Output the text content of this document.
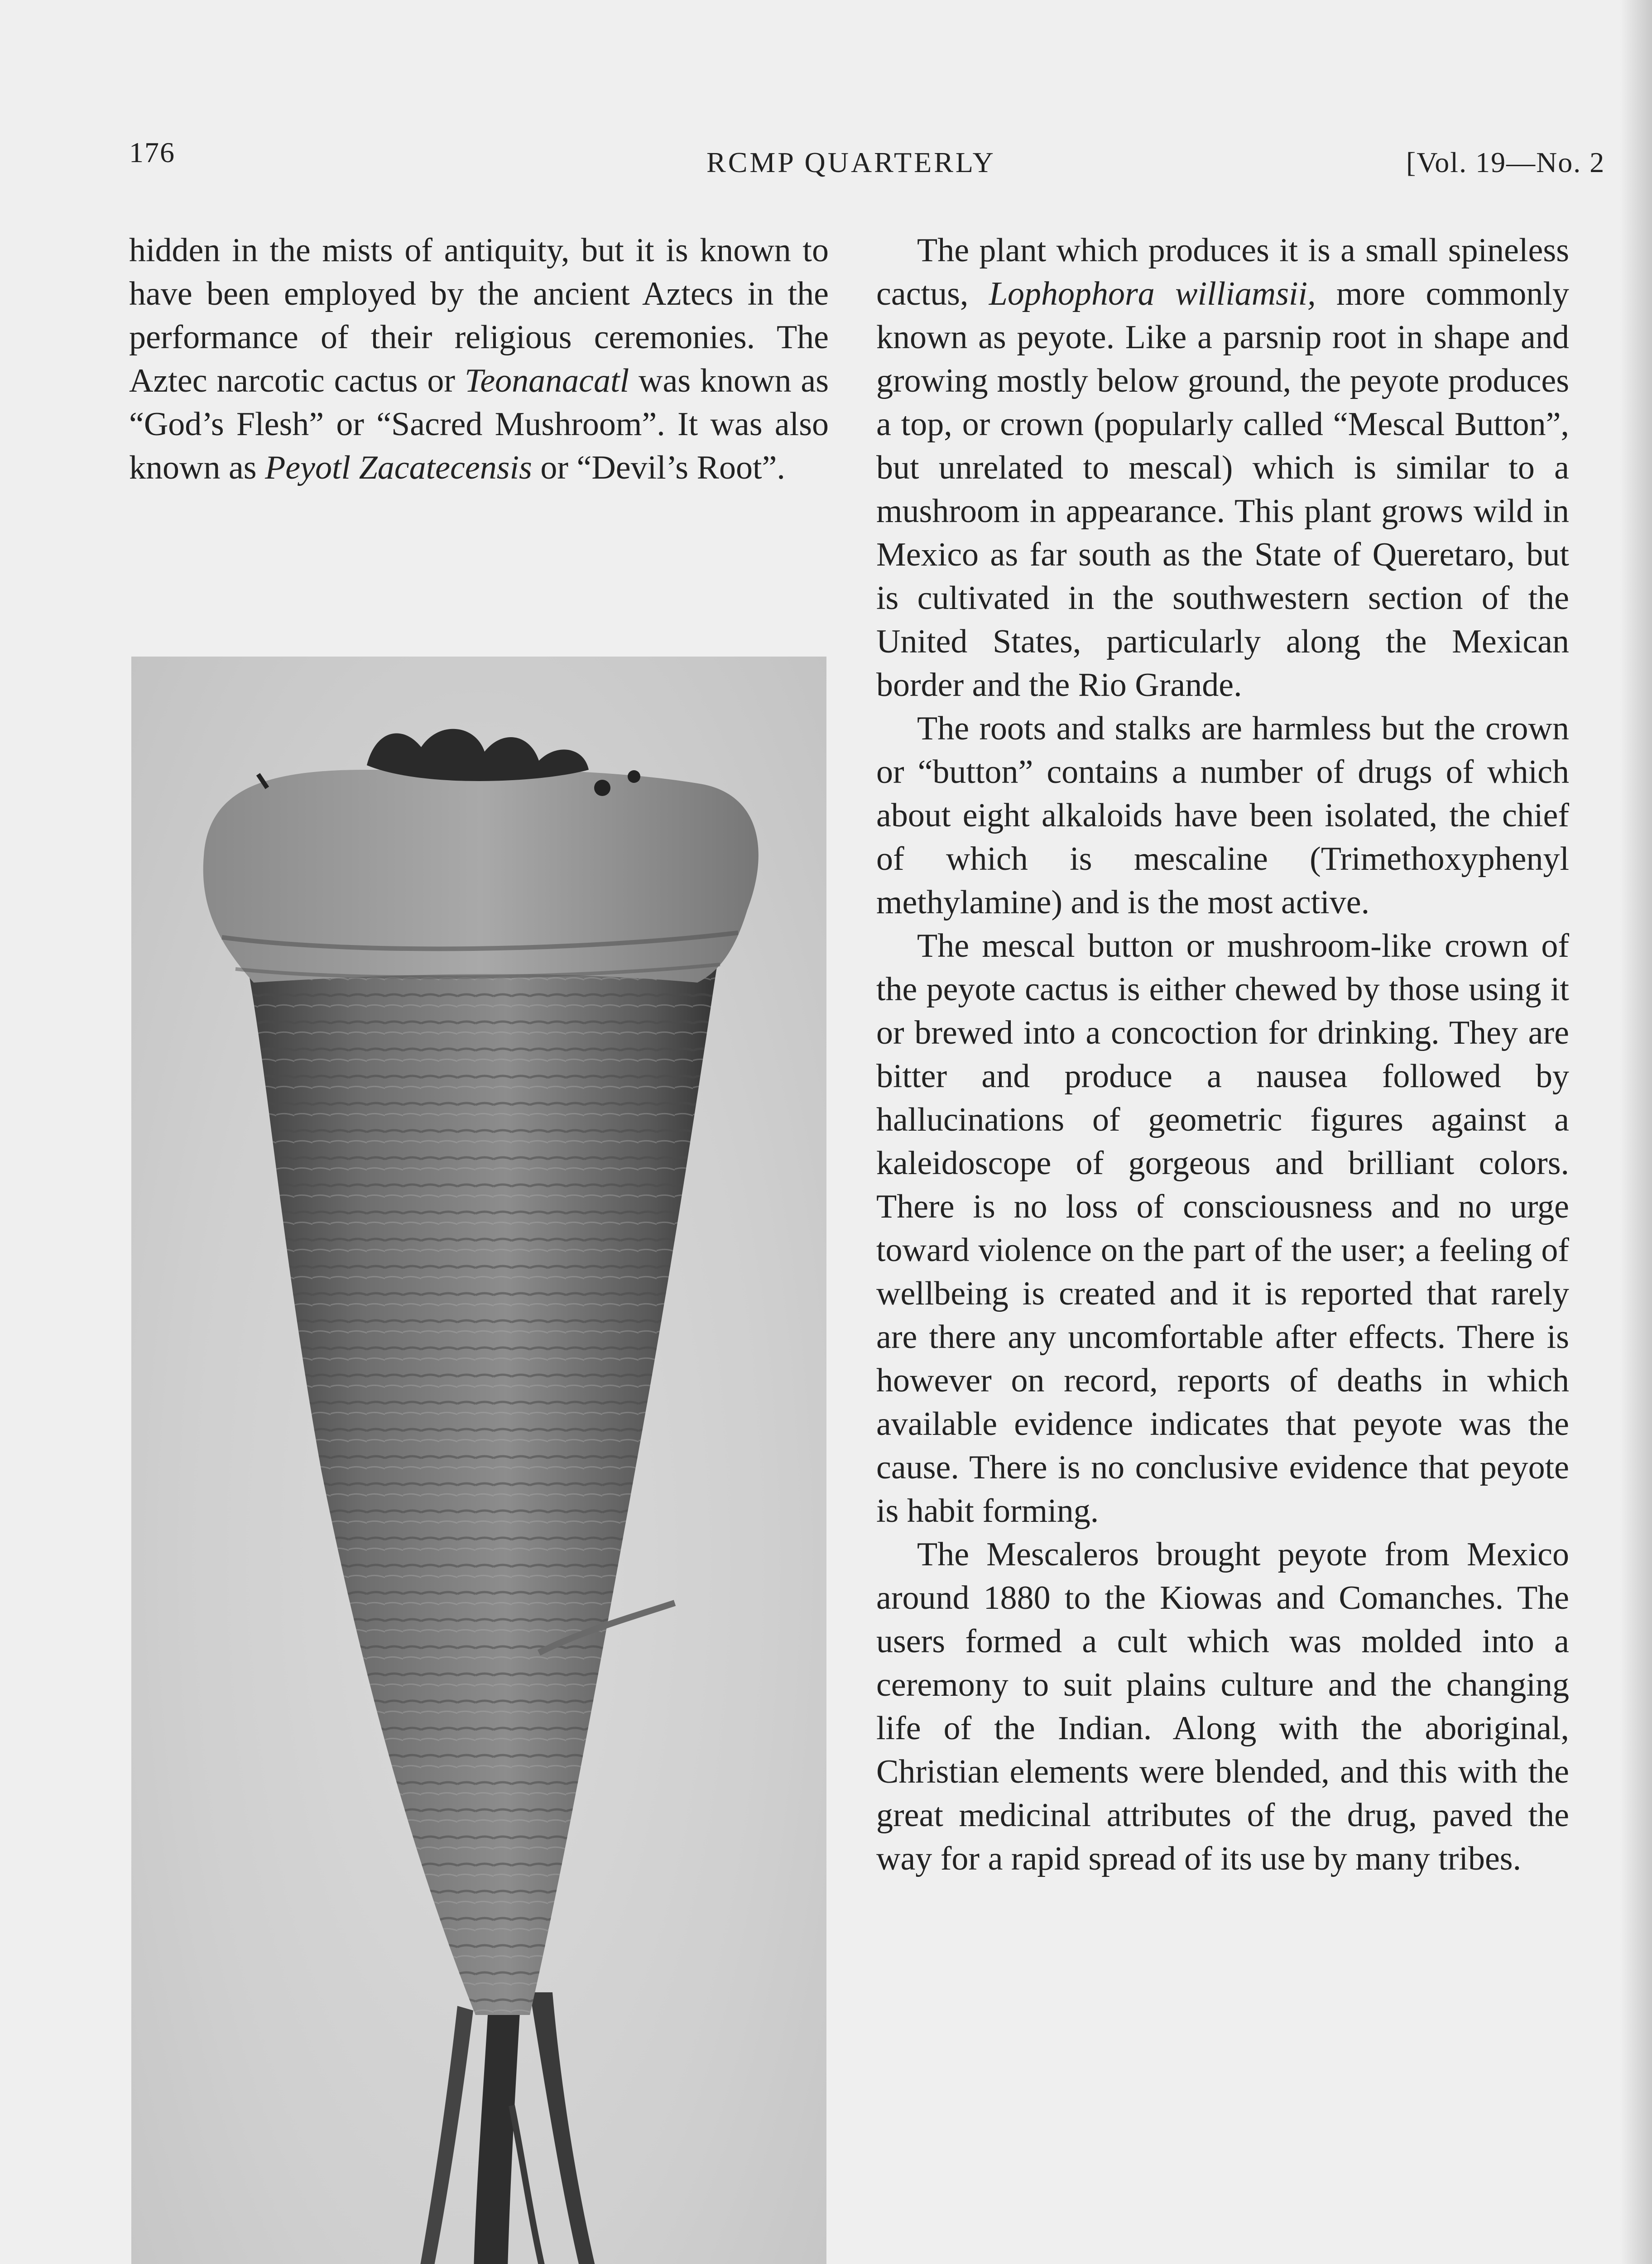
176	RCMP QUARTERLY	[Vol. 19—No. 2

hidden in the mists of antiquity, but it is known to have been employed by the ancient Aztecs in the performance of their religious ceremonies. The Aztec narcotic cactus or Teonanacatl was known as “God’s Flesh” or “Sacred Mushroom”. It was also known as Peyotl Zacatecensis or “Devil’s Root”.

The plant which produces it is a small spineless cactus, Lophophora williamsii, more commonly known as peyote. Like a parsnip root in shape and growing mostly below ground, the peyote produces a top, or crown (popularly called “Mescal Button”, but unrelated to mescal) which is similar to a mushroom in appearance. This plant grows wild in Mexico as far south as the State of Queretaro, but is cultivated in the southwestern section of the United States, particularly along the Mexican border and the Rio Grande.

The roots and stalks are harmless but the crown or “button” contains a number of drugs of which about eight alkaloids have been isolated, the chief of which is mescaline (Trimethoxyphenyl methylamine) and is the most active.

The mescal button or mushroom-like crown of the peyote cactus is either chewed by those using it or brewed into a concoction for drinking. They are bitter and produce a nausea followed by hallucinations of geometric figures against a kaleidoscope of gorgeous and brilliant colors. There is no loss of consciousness and no urge toward violence on the part of the user; a feeling of wellbeing is created and it is reported that rarely are there any uncomfortable after effects. There is however on record, reports of deaths in which available evidence indicates that peyote was the cause. There is no conclusive evidence that peyote is habit forming.

The Mescaleros brought peyote from Mexico around 1880 to the Kiowas and Comanches. The users formed a cult which was molded into a ceremony to suit plains culture and the changing life of the Indian. Along with the aboriginal, Christian elements were blended, and this with the great medicinal attributes of the drug, paved the way for a rapid spread of its use by many tribes.
